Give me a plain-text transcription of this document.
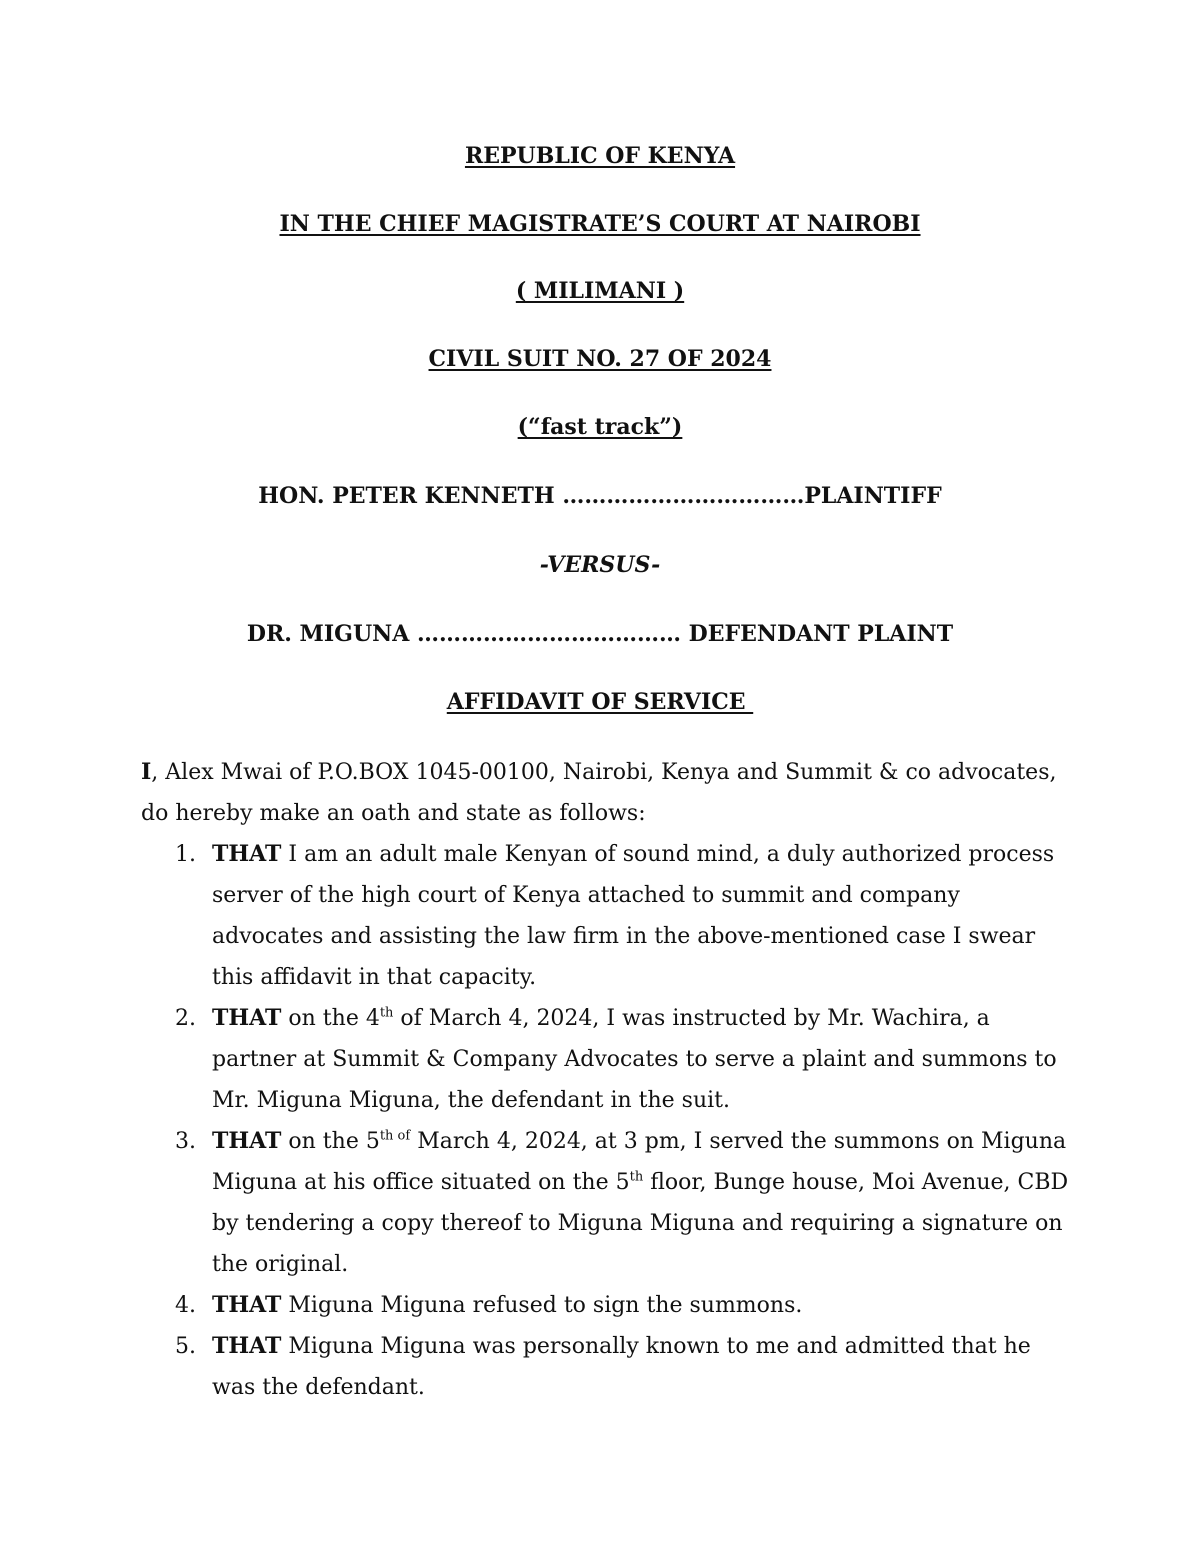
REPUBLIC OF KENYA
IN THE CHIEF MAGISTRATE’S COURT AT NAIROBI
( MILIMANI )
CIVIL SUIT NO. 27 OF 2024
(“fast track”)
HON. PETER KENNETH ……………………………PLAINTIFF
-VERSUS-
DR. MIGUNA ……………………………… DEFENDANT PLAINT
AFFIDAVIT OF SERVICE
I, Alex Mwai of P.O.BOX 1045-00100, Nairobi, Kenya and Summit & co advocates, do hereby make an oath and state as follows:
1. THAT I am an adult male Kenyan of sound mind, a duly authorized process server of the high court of Kenya attached to summit and company advocates and assisting the law firm in the above-mentioned case I swear this affidavit in that capacity.
2. THAT on the 4th of March 4, 2024, I was instructed by Mr. Wachira, a partner at Summit & Company Advocates to serve a plaint and summons to Mr. Miguna Miguna, the defendant in the suit.
3. THAT on the $5^{th of}$ March 4, 2024, at 3 pm, I served the summons on Miguna Miguna at his office situated on the 5th floor, Bunge house, Moi Avenue, CBD by tendering a copy thereof to Miguna Miguna and requiring a signature on the original.
4. THAT Miguna Miguna refused to sign the summons.
5. THAT Miguna Miguna was personally known to me and admitted that he was the defendant.
